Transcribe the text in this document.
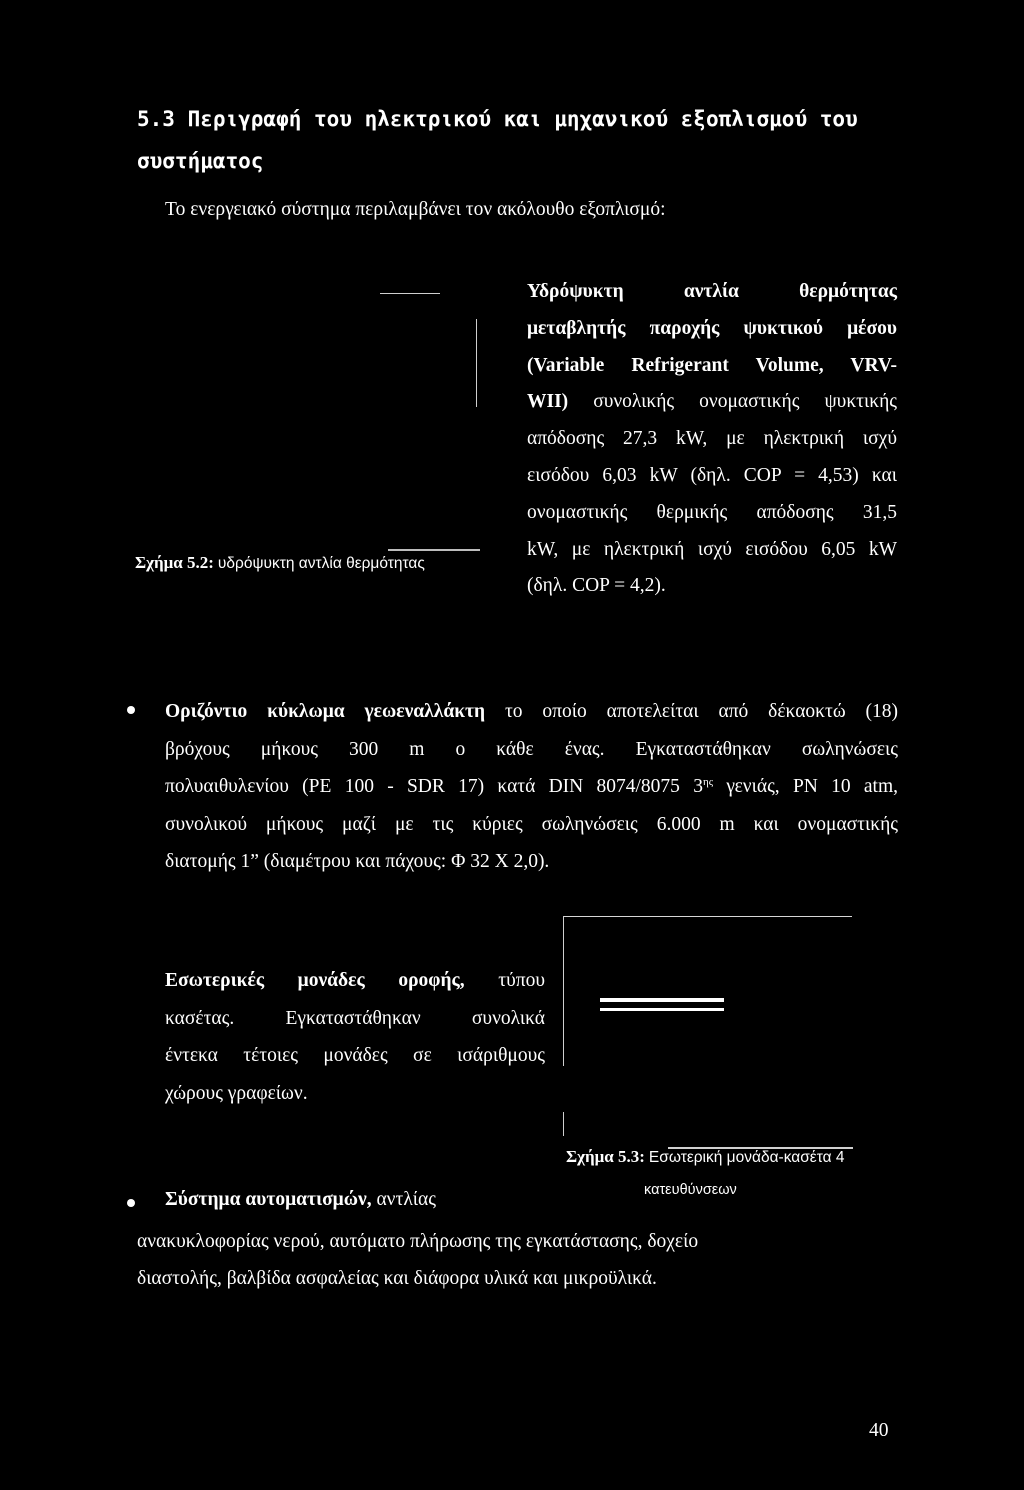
5.3 Περιγραφή του ηλεκτρικού και μηχανικού εξοπλισμού του
συστήματος
Το ενεργειακό σύστημα περιλαμβάνει τον ακόλουθο εξοπλισμό:
Σχήμα 5.2: υδρόψυκτη αντλία θερμότητας
Υδρόψυκτη	αντλία	θερμότητας
μεταβλητής παροχής ψυκτικού μέσου
(Variable Refrigerant Volume, VRV-
WII) συνολικής ονομαστικής ψυκτικής
απόδοσης 27,3 kW, με ηλεκτρική ισχύ
εισόδου 6,03 kW (δηλ. COP = 4,53) και
ονομαστικής θερμικής απόδοσης 31,5
kW, με ηλεκτρική ισχύ εισόδου 6,05 kW
(δηλ. COP = 4,2).
Οριζόντιο κύκλωμα γεωεναλλάκτη το οποίο αποτελείται από δέκαοκτώ (18)
βρόχους μήκους 300 m ο κάθε ένας. Εγκαταστάθηκαν σωληνώσεις
πολυαιθυλενίου (PE 100 - SDR 17) κατά DIN 8074/8075 $3^{\eta\varsigma}$ γενιάς, PN 10 atm,
συνολικού μήκους μαζί με τις κύριες σωληνώσεις 6.000 m και ονομαστικής
διατομής 1” (διαμέτρου και πάχους: Φ 32 Χ 2,0).
Εσωτερικές μονάδες οροφής, τύπου
κασέτας. Εγκαταστάθηκαν συνολικά
έντεκα τέτοιες μονάδες σε ισάριθμους
χώρους γραφείων.
Σχήμα 5.3: Εσωτερική μονάδα-κασέτα 4
κατευθύνσεων
Σύστημα αυτοματισμών, αντλίας
ανακυκλοφορίας νερού, αυτόματο πλήρωσης της εγκατάστασης, δοχείο
διαστολής, βαλβίδα ασφαλείας και διάφορα υλικά και μικροϋλικά.
40
